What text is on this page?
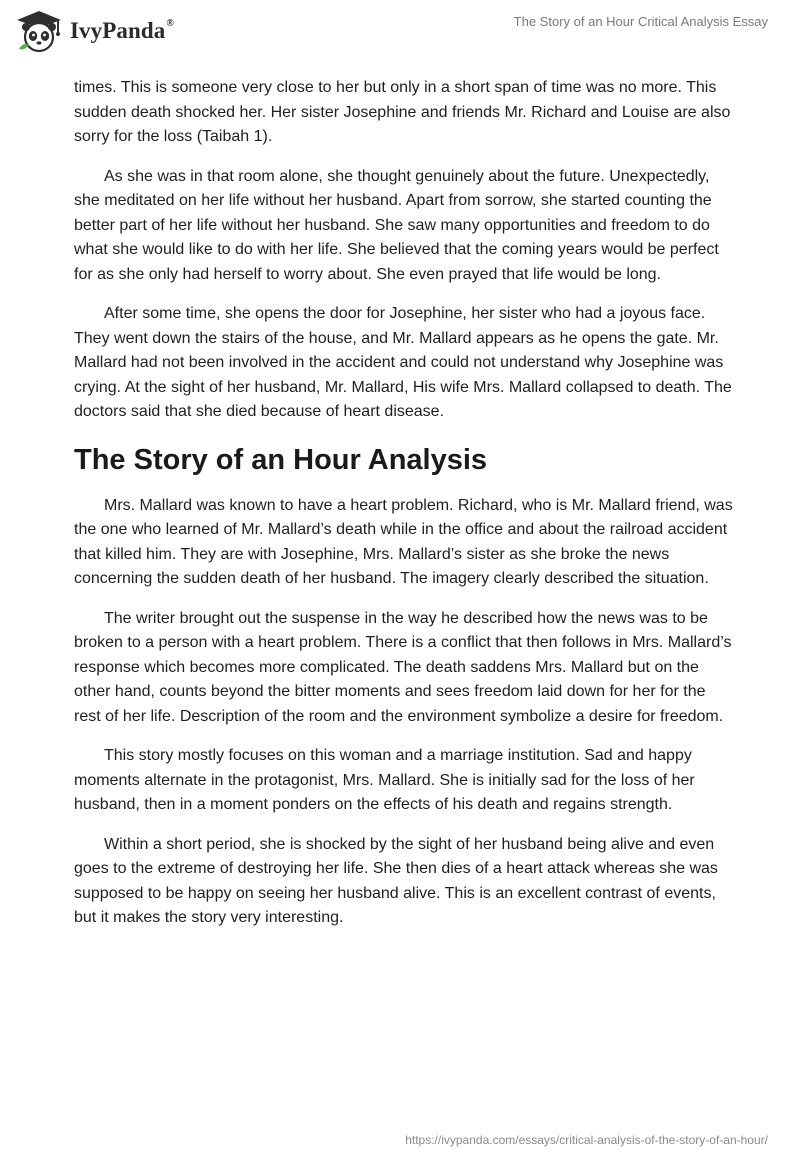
IvyPanda®	The Story of an Hour Critical Analysis Essay

times. This is someone very close to her but only in a short span of time was no more. This sudden death shocked her. Her sister Josephine and friends Mr. Richard and Louise are also sorry for the loss (Taibah 1).

As she was in that room alone, she thought genuinely about the future. Unexpectedly, she meditated on her life without her husband. Apart from sorrow, she started counting the better part of her life without her husband. She saw many opportunities and freedom to do what she would like to do with her life. She believed that the coming years would be perfect for as she only had herself to worry about. She even prayed that life would be long.

After some time, she opens the door for Josephine, her sister who had a joyous face. They went down the stairs of the house, and Mr. Mallard appears as he opens the gate. Mr. Mallard had not been involved in the accident and could not understand why Josephine was crying. At the sight of her husband, Mr. Mallard, His wife Mrs. Mallard collapsed to death. The doctors said that she died because of heart disease.

The Story of an Hour Analysis

Mrs. Mallard was known to have a heart problem. Richard, who is Mr. Mallard friend, was the one who learned of Mr. Mallard’s death while in the office and about the railroad accident that killed him. They are with Josephine, Mrs. Mallard’s sister as she broke the news concerning the sudden death of her husband. The imagery clearly described the situation.

The writer brought out the suspense in the way he described how the news was to be broken to a person with a heart problem. There is a conflict that then follows in Mrs. Mallard’s response which becomes more complicated. The death saddens Mrs. Mallard but on the other hand, counts beyond the bitter moments and sees freedom laid down for her for the rest of her life. Description of the room and the environment symbolize a desire for freedom.

This story mostly focuses on this woman and a marriage institution. Sad and happy moments alternate in the protagonist, Mrs. Mallard. She is initially sad for the loss of her husband, then in a moment ponders on the effects of his death and regains strength.

Within a short period, she is shocked by the sight of her husband being alive and even goes to the extreme of destroying her life. She then dies of a heart attack whereas she was supposed to be happy on seeing her husband alive. This is an excellent contrast of events, but it makes the story very interesting.

https://ivypanda.com/essays/critical-analysis-of-the-story-of-an-hour/
